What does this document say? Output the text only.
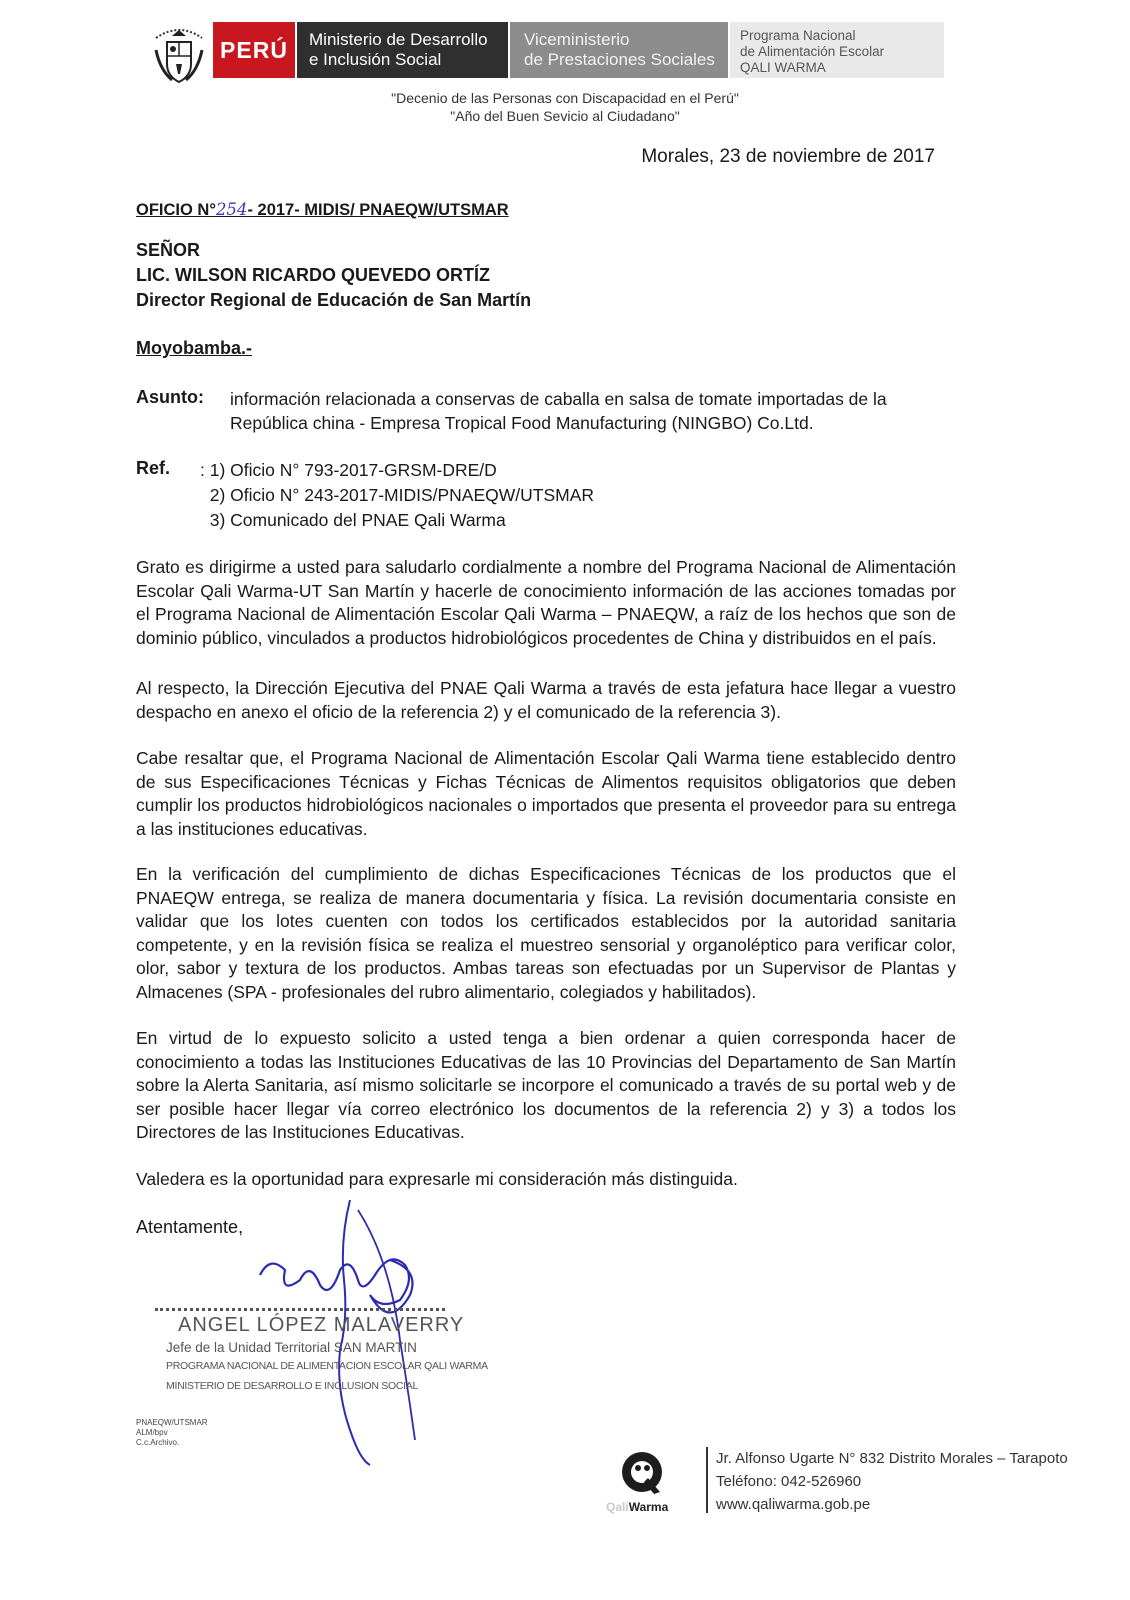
PERÚ	Ministerio de Desarrollo
e Inclusión Social
Viceministerio
de Prestaciones Sociales
Programa Nacional
de Alimentación Escolar
QALI WARMA
"Decenio de las Personas con Discapacidad en el Perú"
"Año del Buen Sevicio al Ciudadano"
Morales, 23 de noviembre de 2017
OFICIO N°254- 2017- MIDIS/ PNAEQW/UTSMAR
SEÑOR
LIC. WILSON RICARDO QUEVEDO ORTÍZ
Director Regional de Educación de San Martín
Moyobamba.-
Asunto: información relacionada a conservas de caballa en salsa de tomate importadas de la República china - Empresa Tropical Food Manufacturing (NINGBO) Co.Ltd.
Ref. : 1) Oficio N° 793-2017-GRSM-DRE/D
2) Oficio N° 243-2017-MIDIS/PNAEQW/UTSMAR
3) Comunicado del PNAE Qali Warma
Grato es dirigirme a usted para saludarlo cordialmente a nombre del Programa Nacional de Alimentación Escolar Qali Warma-UT San Martín y hacerle de conocimiento información de las acciones tomadas por el Programa Nacional de Alimentación Escolar Qali Warma – PNAEQW, a raíz de los hechos que son de dominio público, vinculados a productos hidrobiológicos procedentes de China y distribuidos en el país.
Al respecto, la Dirección Ejecutiva del PNAE Qali Warma a través de esta jefatura hace llegar a vuestro despacho en anexo el oficio de la referencia 2) y el comunicado de la referencia 3).
Cabe resaltar que, el Programa Nacional de Alimentación Escolar Qali Warma tiene establecido dentro de sus Especificaciones Técnicas y Fichas Técnicas de Alimentos requisitos obligatorios que deben cumplir los productos hidrobiológicos nacionales o importados que presenta el proveedor para su entrega a las instituciones educativas.
En la verificación del cumplimiento de dichas Especificaciones Técnicas de los productos que el PNAEQW entrega, se realiza de manera documentaria y física. La revisión documentaria consiste en validar que los lotes cuenten con todos los certificados establecidos por la autoridad sanitaria competente, y en la revisión física se realiza el muestreo sensorial y organoléptico para verificar color, olor, sabor y textura de los productos. Ambas tareas son efectuadas por un Supervisor de Plantas y Almacenes (SPA - profesionales del rubro alimentario, colegiados y habilitados).
En virtud de lo expuesto solicito a usted tenga a bien ordenar a quien corresponda hacer de conocimiento a todas las Instituciones Educativas de las 10 Provincias del Departamento de San Martín sobre la Alerta Sanitaria, así mismo solicitarle se incorpore el comunicado a través de su portal web y de ser posible hacer llegar vía correo electrónico los documentos de la referencia 2) y 3) a todos los Directores de las Instituciones Educativas.
Valedera es la oportunidad para expresarle mi consideración más distinguida.
Atentamente,
ANGEL LÓPEZ MALAVERRY
Jefe de la Unidad Territorial SAN MARTIN
PROGRAMA NACIONAL DE ALIMENTACION ESCOLAR QALI WARMA
MINISTERIO DE DESARROLLO E INCLUSION SOCIAL
PNAEQW/UTSMAR
ALM/bpv
C.c.Archivo.
QaliWarma
Jr. Alfonso Ugarte N° 832 Distrito Morales – Tarapoto
Teléfono: 042-526960
www.qaliwarma.gob.pe
